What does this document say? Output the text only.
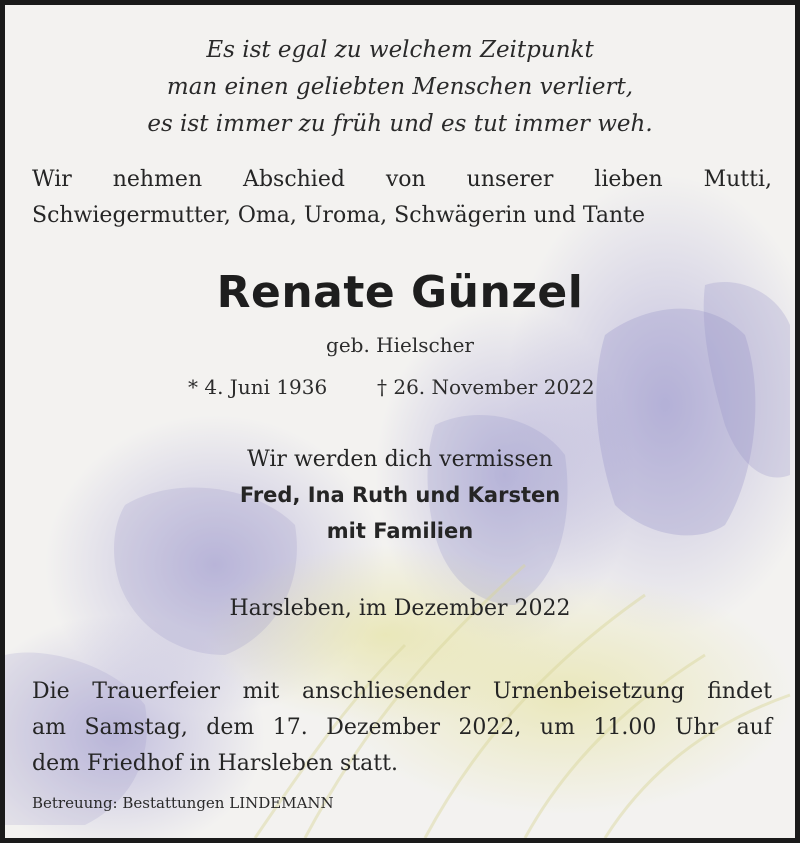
Es ist egal zu welchem Zeitpunkt
man einen geliebten Menschen verliert,
es ist immer zu früh und es tut immer weh.
Wir nehmen Abschied von unserer lieben Mutti,
Schwiegermutter, Oma, Uroma, Schwägerin und Tante
Renate Günzel
geb. Hielscher
* 4. Juni 1936 † 26. November 2022
Wir werden dich vermissen
Fred, Ina Ruth und Karsten
mit Familien
Harsleben, im Dezember 2022
Die Trauerfeier mit anschliesender Urnenbeisetzung findet
am Samstag, dem 17. Dezember 2022, um 11.00 Uhr auf
dem Friedhof in Harsleben statt.
Betreuung: Bestattungen LINDEMANN
